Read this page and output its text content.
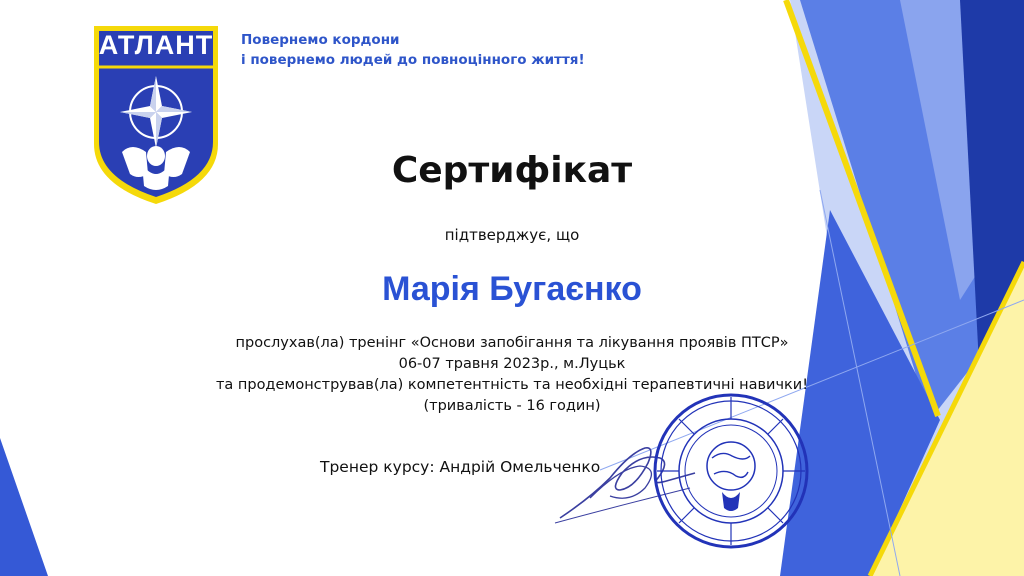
АТЛАНТ	Повернемо кордони
і повернемо людей до повноцінного життя!
Сертифікат
підтверджує, що
Марія Бугаєнко
прослухав(ла) тренінг «Основи запобігання та лікування проявів ПТСР»
06-07 травня 2023р., м.Луцьк
та продемонстрував(ла) компетентність та необхідні терапевтичні навички!
(тривалість - 16 годин)
Тренер курсу: Андрій Омельченко
